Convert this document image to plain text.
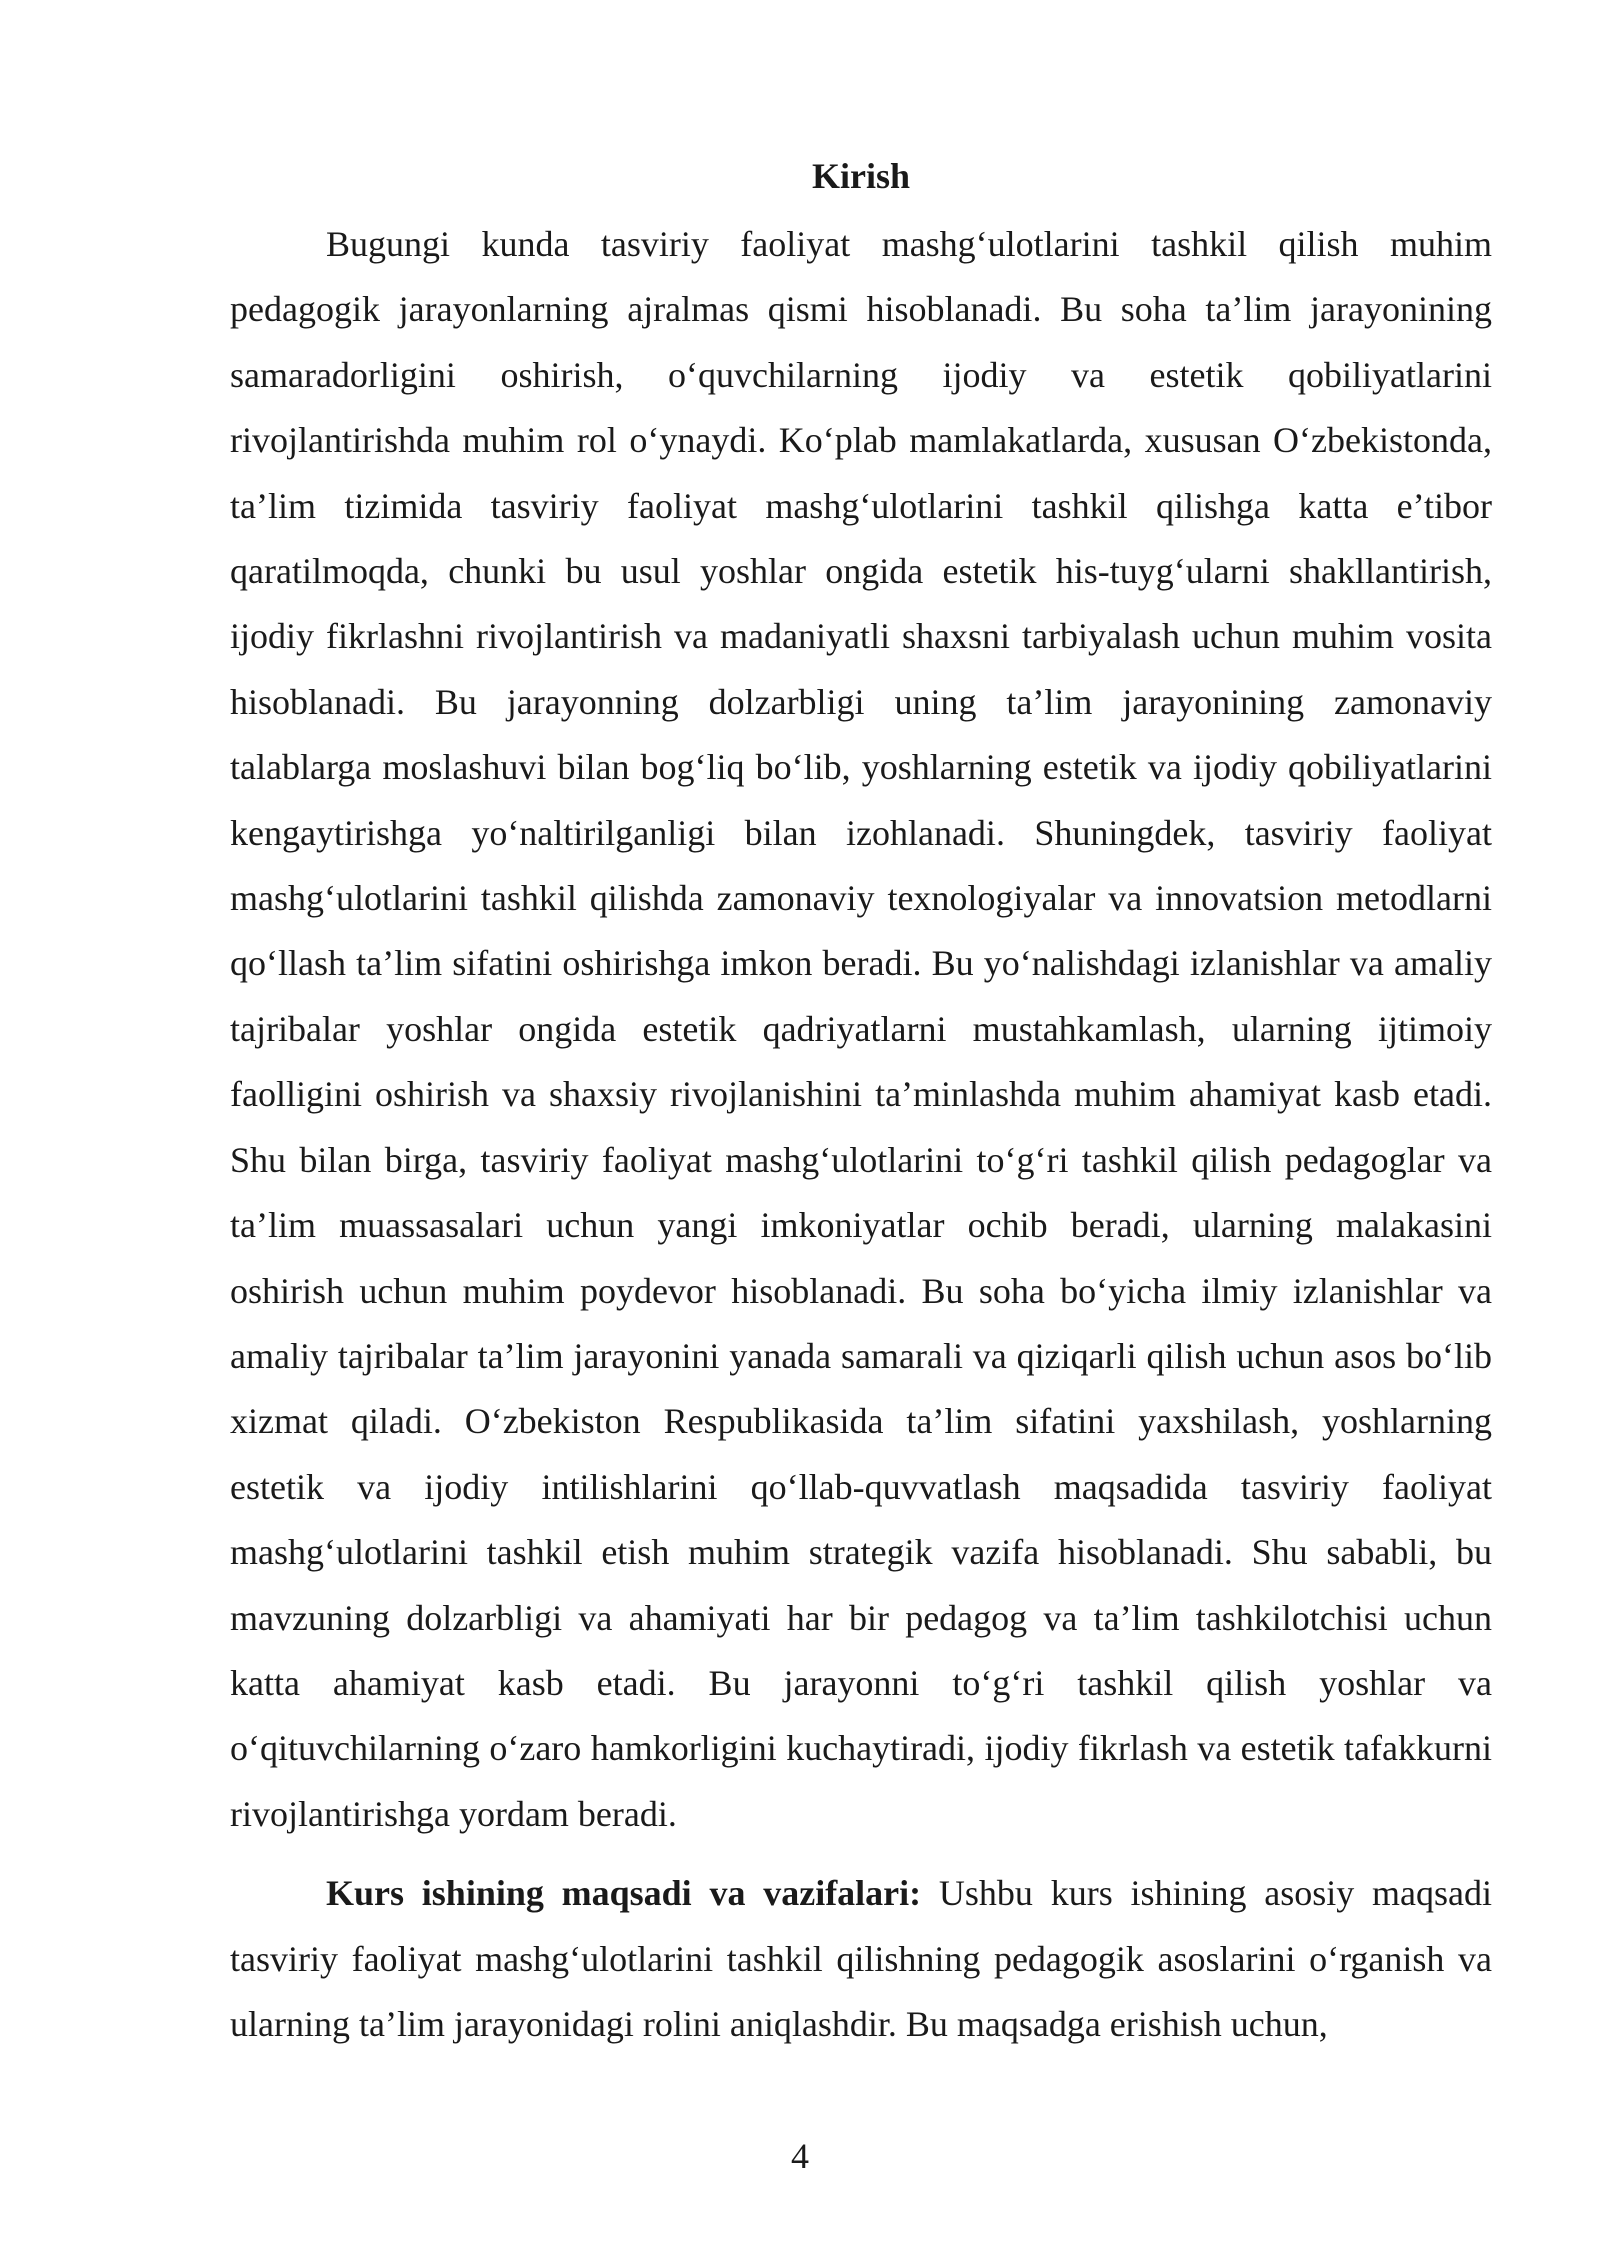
Kirish

Bugungi kunda tasviriy faoliyat mashg‘ulotlarini tashkil qilish muhim pedagogik jarayonlarning ajralmas qismi hisoblanadi. Bu soha ta’lim jarayonining samaradorligini oshirish, o‘quvchilarning ijodiy va estetik qobiliyatlarini rivojlantirishda muhim rol o‘ynaydi. Ko‘plab mamlakatlarda, xususan O‘zbekistonda, ta’lim tizimida tasviriy faoliyat mashg‘ulotlarini tashkil qilishga katta e’tibor qaratilmoqda, chunki bu usul yoshlar ongida estetik his-tuyg‘ularni shakllantirish, ijodiy fikrlashni rivojlantirish va madaniyatli shaxsni tarbiyalash uchun muhim vosita hisoblanadi. Bu jarayonning dolzarbligi uning ta’lim jarayonining zamonaviy talablarga moslashuvi bilan bog‘liq bo‘lib, yoshlarning estetik va ijodiy qobiliyatlarini kengaytirishga yo‘naltirilganligi bilan izohlanadi. Shuningdek, tasviriy faoliyat mashg‘ulotlarini tashkil qilishda zamonaviy texnologiyalar va innovatsion metodlarni qo‘llash ta’lim sifatini oshirishga imkon beradi. Bu yo‘nalishdagi izlanishlar va amaliy tajribalar yoshlar ongida estetik qadriyatlarni mustahkamlash, ularning ijtimoiy faolligini oshirish va shaxsiy rivojlanishini ta’minlashda muhim ahamiyat kasb etadi. Shu bilan birga, tasviriy faoliyat mashg‘ulotlarini to‘g‘ri tashkil qilish pedagoglar va ta’lim muassasalari uchun yangi imkoniyatlar ochib beradi, ularning malakasini oshirish uchun muhim poydevor hisoblanadi. Bu soha bo‘yicha ilmiy izlanishlar va amaliy tajribalar ta’lim jarayonini yanada samarali va qiziqarli qilish uchun asos bo‘lib xizmat qiladi. O‘zbekiston Respublikasida ta’lim sifatini yaxshilash, yoshlarning estetik va ijodiy intilishlarini qo‘llab-quvvatlash maqsadida tasviriy faoliyat mashg‘ulotlarini tashkil etish muhim strategik vazifa hisoblanadi. Shu sababli, bu mavzuning dolzarbligi va ahamiyati har bir pedagog va ta’lim tashkilotchisi uchun katta ahamiyat kasb etadi. Bu jarayonni to‘g‘ri tashkil qilish yoshlar va o‘qituvchilarning o‘zaro hamkorligini kuchaytiradi, ijodiy fikrlash va estetik tafakkurni rivojlantirishga yordam beradi.

Kurs ishining maqsadi va vazifalari: Ushbu kurs ishining asosiy maqsadi tasviriy faoliyat mashg‘ulotlarini tashkil qilishning pedagogik asoslarini o‘rganish va ularning ta’lim jarayonidagi rolini aniqlashdir. Bu maqsadga erishish uchun,

4
